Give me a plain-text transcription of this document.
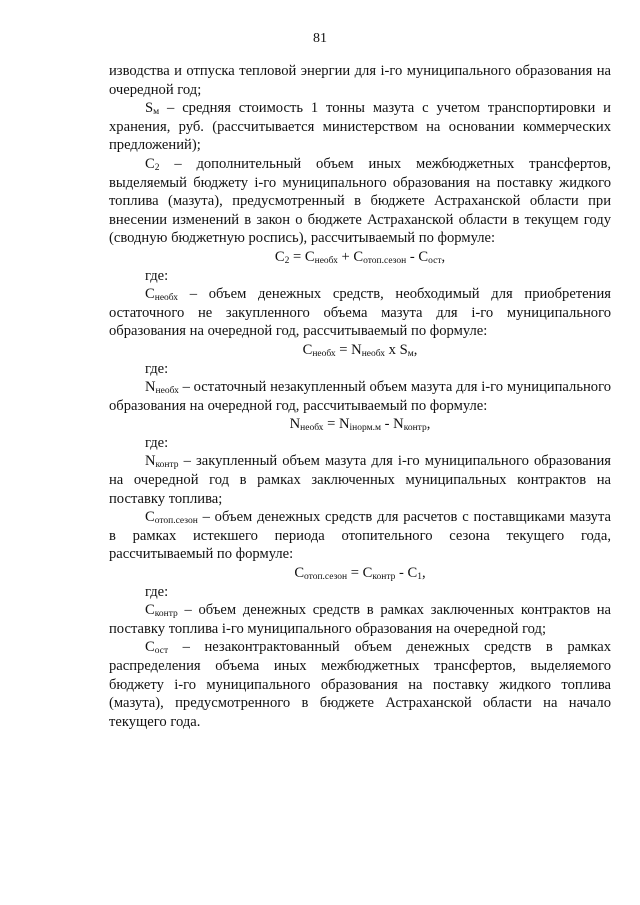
81

изводства и отпуска тепловой энергии для i-го муниципального образования на очередной год;

$S_м$ – средняя стоимость 1 тонны мазута с учетом транспортировки и хранения, руб. (рассчитывается министерством на основании коммерческих предложений);

$C_2$ – дополнительный объем иных межбюджетных трансфертов, выделяемый бюджету i-го муниципального образования на поставку жидкого топлива (мазута), предусмотренный в бюджете Астраханской области при внесении изменений в закон о бюджете Астраханской области в текущем году (сводную бюджетную роспись), рассчитываемый по формуле:

$C_2 = C_{необх} + C_{отоп.сезон} - C_{ост}$,

где:

$C_{необх}$ – объем денежных средств, необходимый для приобретения остаточного не закупленного объема мазута для i-го муниципального образования на очередной год, рассчитываемый по формуле:

$C_{необх} = N_{необх}$ x $S_м$,

где:

$N_{необх}$ – остаточный незакупленный объем мазута для i-го муниципального образования на очередной год, рассчитываемый по формуле:

$N_{необх} = N_{iнорм.м} - N_{контр}$,

где:

$N_{контр}$ – закупленный объем мазута для i-го муниципального образования на очередной год в рамках заключенных муниципальных контрактов на поставку топлива;

$C_{отоп.сезон}$ – объем денежных средств для расчетов с поставщиками мазута в рамках истекшего периода отопительного сезона текущего года, рассчитываемый по формуле:

$C_{отоп.сезон} = C_{контр} - C_1$,

где:

$C_{контр}$ – объем денежных средств в рамках заключенных контрактов на поставку топлива i-го муниципального образования на очередной год;

$C_{ост}$ – незаконтрактованный объем денежных средств в рамках распределения объема иных межбюджетных трансфертов, выделяемого бюджету i-го муниципального образования на поставку жидкого топлива (мазута), предусмотренного в бюджете Астраханской области на начало текущего года.
